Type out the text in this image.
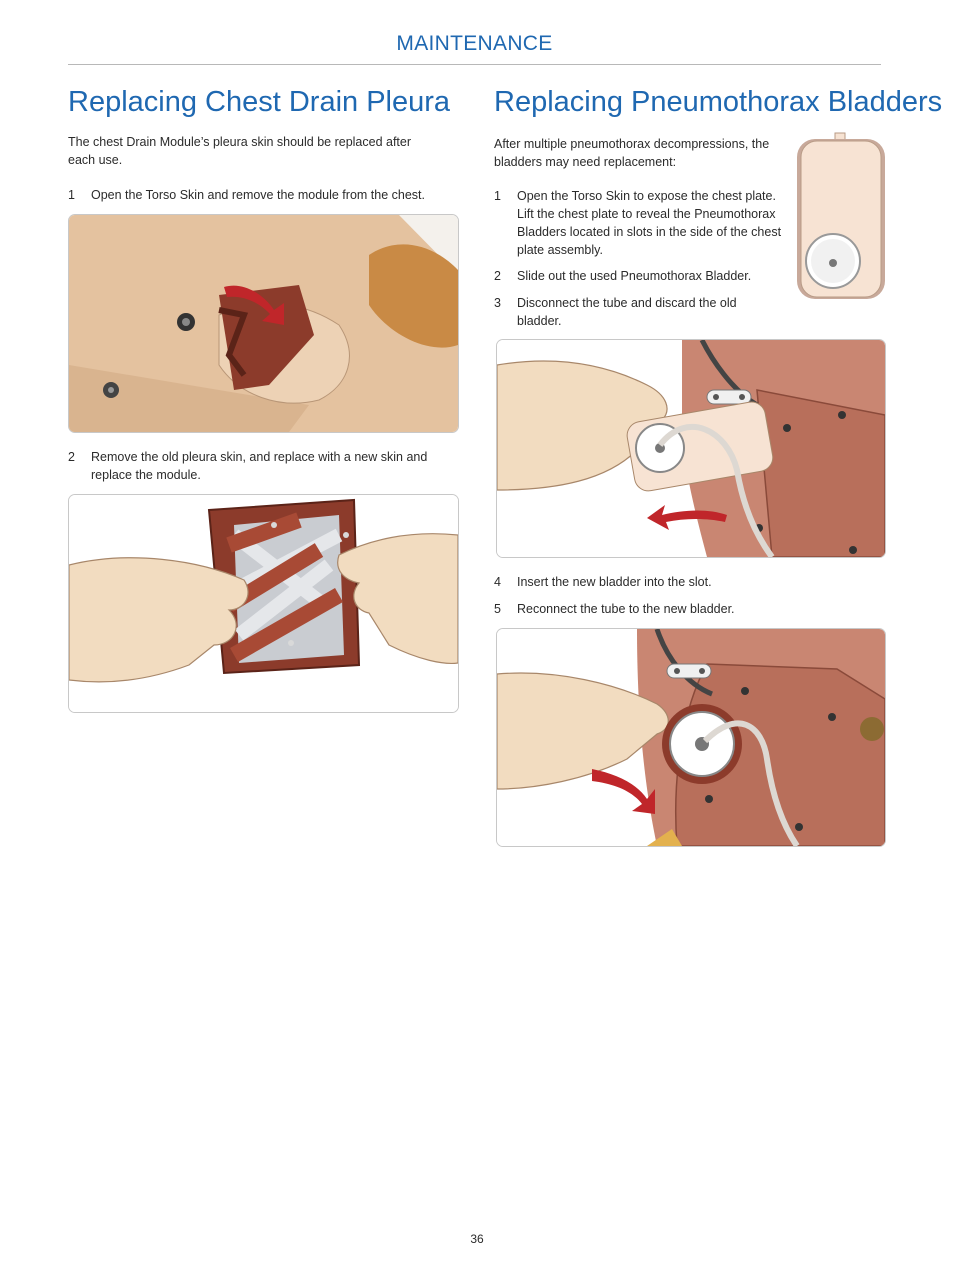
MAINTENANCE
Replacing Chest Drain Pleura

The chest Drain Module’s pleura skin should be replaced after each use.

1 Open the Torso Skin and remove the module from the chest.
2 Remove the old pleura skin, and replace with a new skin and replace the module.
Replacing Pneumothorax Bladders

After multiple pneumothorax decompressions, the bladders may need replacement:

1 Open the Torso Skin to expose the chest plate. Lift the chest plate to reveal the Pneumothorax Bladders located in slots in the side of the chest plate assembly.
2 Slide out the used Pneumothorax Bladder.
3 Disconnect the tube and discard the old bladder.
4 Insert the new bladder into the slot.
5 Reconnect the tube to the new bladder.
36
